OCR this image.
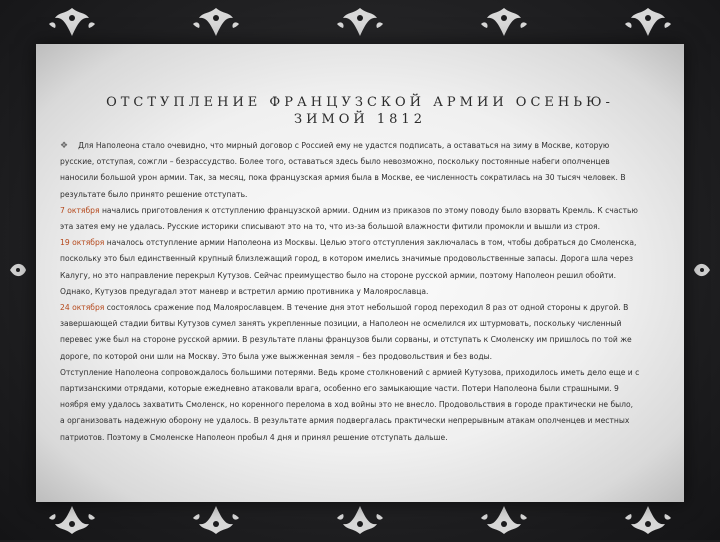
ОТСТУПЛЕНИЕ ФРАНЦУЗСКОЙ АРМИИ ОСЕНЬЮ-
ЗИМОЙ 1812

❖ Для Наполеона стало очевидно, что мирный договор с Россией ему не удастся подписать, а оставаться на зиму в Москве, которую русские, отступая, сожгли – безрассудство. Более того, оставаться здесь было невозможно, поскольку постоянные набеги ополченцев наносили большой урон армии. Так, за месяц, пока французская армия была в Москве, ее численность сократилась на 30 тысяч человек. В результате было принято решение отступать.

7 октября начались приготовления к отступлению французской армии. Одним из приказов по этому поводу было взорвать Кремль. К счастью эта затея ему не удалась. Русские историки списывают это на то, что из-за большой влажности фитили промокли и вышли из строя.

19 октября началось отступление армии Наполеона из Москвы. Целью этого отступления заключалась в том, чтобы добраться до Смоленска, поскольку это был единственный крупный близлежащий город, в котором имелись значимые продовольственные запасы. Дорога шла через Калугу, но это направление перекрыл Кутузов. Сейчас преимущество было на стороне русской армии, поэтому Наполеон решил обойти. Однако, Кутузов предугадал этот маневр и встретил армию противника у Малоярославца.

24 октября состоялось сражение под Малоярославцем. В течение дня этот небольшой город переходил 8 раз от одной стороны к другой. В завершающей стадии битвы Кутузов сумел занять укрепленные позиции, а Наполеон не осмелился их штурмовать, поскольку численный перевес уже был на стороне русской армии. В результате планы французов были сорваны, и отступать к Смоленску им пришлось по той же дороге, по которой они шли на Москву. Это была уже выжженная земля – без продовольствия и без воды.

Отступление Наполеона сопровождалось большими потерями. Ведь кроме столкновений с армией Кутузова, приходилось иметь дело еще и с партизанскими отрядами, которые ежедневно атаковали врага, особенно его замыкающие части. Потери Наполеона были страшными. 9 ноября ему удалось захватить Смоленск, но коренного перелома в ход войны это не внесло. Продовольствия в городе практически не было, а организовать надежную оборону не удалось. В результате армия подвергалась практически непрерывным атакам ополченцев и местных патриотов. Поэтому в Смоленске Наполеон пробыл 4 дня и принял решение отступать дальше.
